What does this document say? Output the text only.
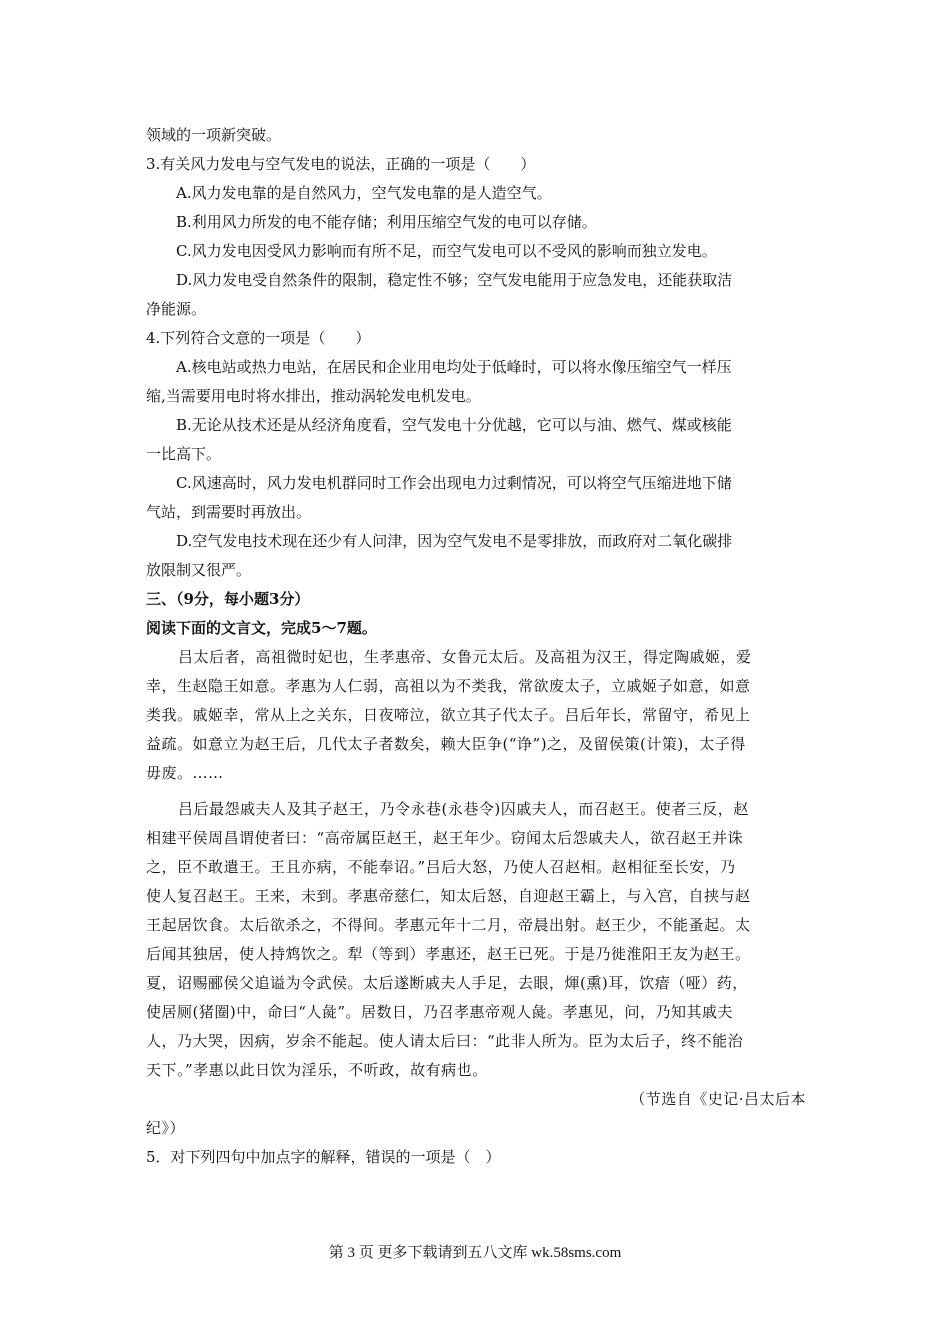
领域的一项新突破。
3.有关风力发电与空气发电的说法，正确的一项是（　　）
A.风力发电靠的是自然风力，空气发电靠的是人造空气。
B.利用风力所发的电不能存储；利用压缩空气发的电可以存储。
C.风力发电因受风力影响而有所不足，而空气发电可以不受风的影响而独立发电。
D.风力发电受自然条件的限制，稳定性不够；空气发电能用于应急发电，还能获取洁
净能源。
4.下列符合文意的一项是（　　）
A.核电站或热力电站，在居民和企业用电均处于低峰时，可以将水像压缩空气一样压
缩,当需要用电时将水排出，推动涡轮发电机发电。
B.无论从技术还是从经济角度看，空气发电十分优越，它可以与油、燃气、煤或核能
一比高下。
C.风速高时，风力发电机群同时工作会出现电力过剩情况，可以将空气压缩进地下储
气站，到需要时再放出。
D.空气发电技术现在还少有人问津，因为空气发电不是零排放，而政府对二氧化碳排
放限制又很严。
三、（9分，每小题3分）
阅读下面的文言文，完成5～7题。
吕太后者，高祖微时妃也，生孝惠帝、女鲁元太后。及高祖为汉王，得定陶戚姬，爱
幸，生赵隐王如意。孝惠为人仁弱，高祖以为不类我，常欲废太子，立戚姬子如意，如意
类我。戚姬幸，常从上之关东，日夜啼泣，欲立其子代太子。吕后年长，常留守，希见上
益疏。如意立为赵王后，几代太子者数矣，赖大臣争(“诤”)之，及留侯策(计策)，太子得
毋废。……
吕后最怨戚夫人及其子赵王，乃令永巷(永巷令)囚戚夫人，而召赵王。使者三反，赵
相建平侯周昌谓使者曰：“高帝属臣赵王，赵王年少。窃闻太后怨戚夫人，欲召赵王并诛
之，臣不敢遣王。王且亦病，不能奉诏。”吕后大怒，乃使人召赵相。赵相征至长安，乃
使人复召赵王。王来，未到。孝惠帝慈仁，知太后怒，自迎赵王霸上，与入宫，自挟与赵
王起居饮食。太后欲杀之，不得间。孝惠元年十二月，帝晨出射。赵王少，不能蚤起。太
后闻其独居，使人持鸩饮之。犁（等到）孝惠还，赵王已死。于是乃徙淮阳王友为赵王。
夏，诏赐郦侯父追谥为令武侯。太后遂断戚夫人手足，去眼，煇(熏)耳，饮瘖（哑）药，
使居厕(猪圈)中，命曰“人彘”。居数日，乃召孝惠帝观人彘。孝惠见，问，乃知其戚夫
人，乃大哭，因病，岁余不能起。使人请太后曰：“此非人所为。臣为太后子，终不能治
天下。”孝惠以此日饮为淫乐，不听政，故有病也。
（节选自《史记·吕太后本
纪》）
5．对下列四句中加点字的解释，错误的一项是（　）
第 3 页 更多下载请到五八文库 wk.58sms.com
